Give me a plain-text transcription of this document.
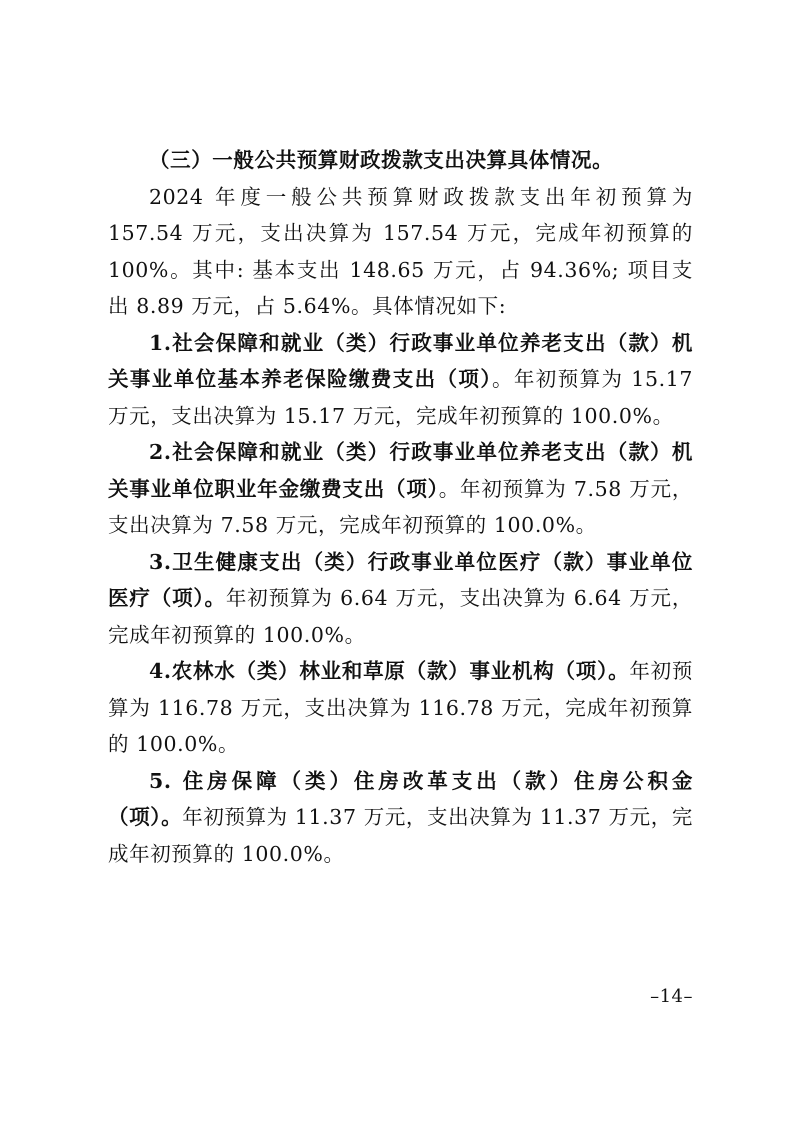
（三）一般公共预算财政拨款支出决算具体情况。

2024 年度一般公共预算财政拨款支出年初预算为 157.54 万元，支出决算为 157.54 万元，完成年初预算的 100%。其中: 基本支出 148.65 万元，占 94.36%; 项目支出 8.89 万元，占 5.64%。具体情况如下:

1.社会保障和就业（类）行政事业单位养老支出（款）机关事业单位基本养老保险缴费支出（项）。年初预算为 15.17 万元，支出决算为 15.17 万元，完成年初预算的 100.0%。

2.社会保障和就业（类）行政事业单位养老支出（款）机关事业单位职业年金缴费支出（项）。年初预算为 7.58 万元，支出决算为 7.58 万元，完成年初预算的 100.0%。

3.卫生健康支出（类）行政事业单位医疗（款）事业单位医疗（项）。年初预算为 6.64 万元，支出决算为 6.64 万元，完成年初预算的 100.0%。

4.农林水（类）林业和草原（款）事业机构（项）。年初预算为 116.78 万元，支出决算为 116.78 万元，完成年初预算的 100.0%。

5. 住房保障（类）住房改革支出（款）住房公积金（项）。年初预算为 11.37 万元，支出决算为 11.37 万元，完成年初预算的 100.0%。

–14–
